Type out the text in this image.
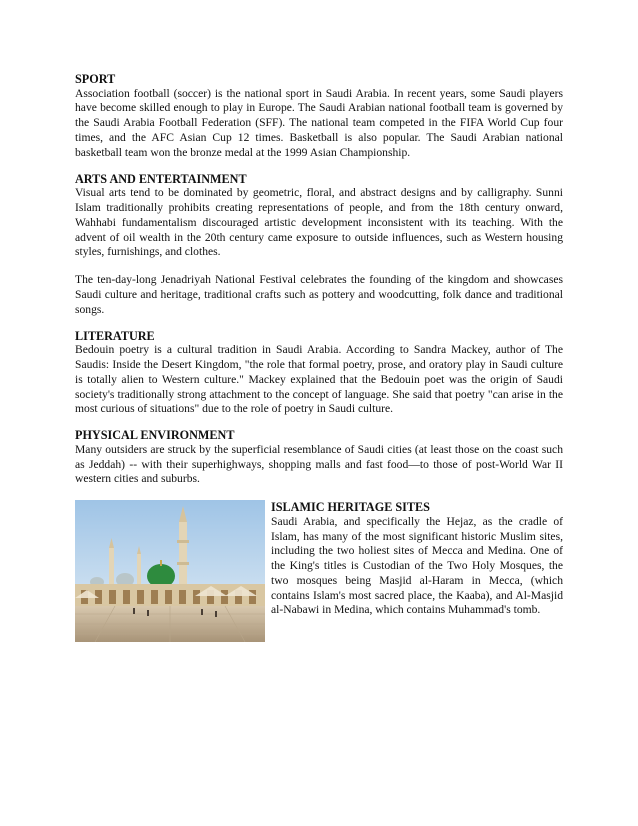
SPORT

Association football (soccer) is the national sport in Saudi Arabia. In recent years, some Saudi players have become skilled enough to play in Europe. The Saudi Arabian national football team is governed by the Saudi Arabia Football Federation (SFF). The national team competed in the FIFA World Cup four times, and the AFC Asian Cup 12 times. Basketball is also popular. The Saudi Arabian national basketball team won the bronze medal at the 1999 Asian Championship.

ARTS AND ENTERTAINMENT

Visual arts tend to be dominated by geometric, floral, and abstract designs and by calligraphy. Sunni Islam traditionally prohibits creating representations of people, and from the 18th century onward, Wahhabi fundamentalism discouraged artistic development inconsistent with its teaching. With the advent of oil wealth in the 20th century came exposure to outside influences, such as Western housing styles, furnishings, and clothes.

The ten-day-long Jenadriyah National Festival celebrates the founding of the kingdom and showcases Saudi culture and heritage, traditional crafts such as pottery and woodcutting, folk dance and traditional songs.

LITERATURE

Bedouin poetry is a cultural tradition in Saudi Arabia. According to Sandra Mackey, author of The Saudis: Inside the Desert Kingdom, "the role that formal poetry, prose, and oratory play in Saudi culture is totally alien to Western culture." Mackey explained that the Bedouin poet was the origin of Saudi society's traditionally strong attachment to the concept of language. She said that poetry "can arise in the most curious of situations" due to the role of poetry in Saudi culture.

PHYSICAL ENVIRONMENT

Many outsiders are struck by the superficial resemblance of Saudi cities (at least those on the coast such as Jeddah) -- with their superhighways, shopping malls and fast food—to those of post-World War II western cities and suburbs.

ISLAMIC HERITAGE SITES

Saudi Arabia, and specifically the Hejaz, as the cradle of Islam, has many of the most significant historic Muslim sites, including the two holiest sites of Mecca and Medina. One of the King's titles is Custodian of the Two Holy Mosques, the two mosques being Masjid al-Haram in Mecca, (which contains Islam's most sacred place, the Kaaba), and Al-Masjid al-Nabawi in Medina, which contains Muhammad's tomb.
